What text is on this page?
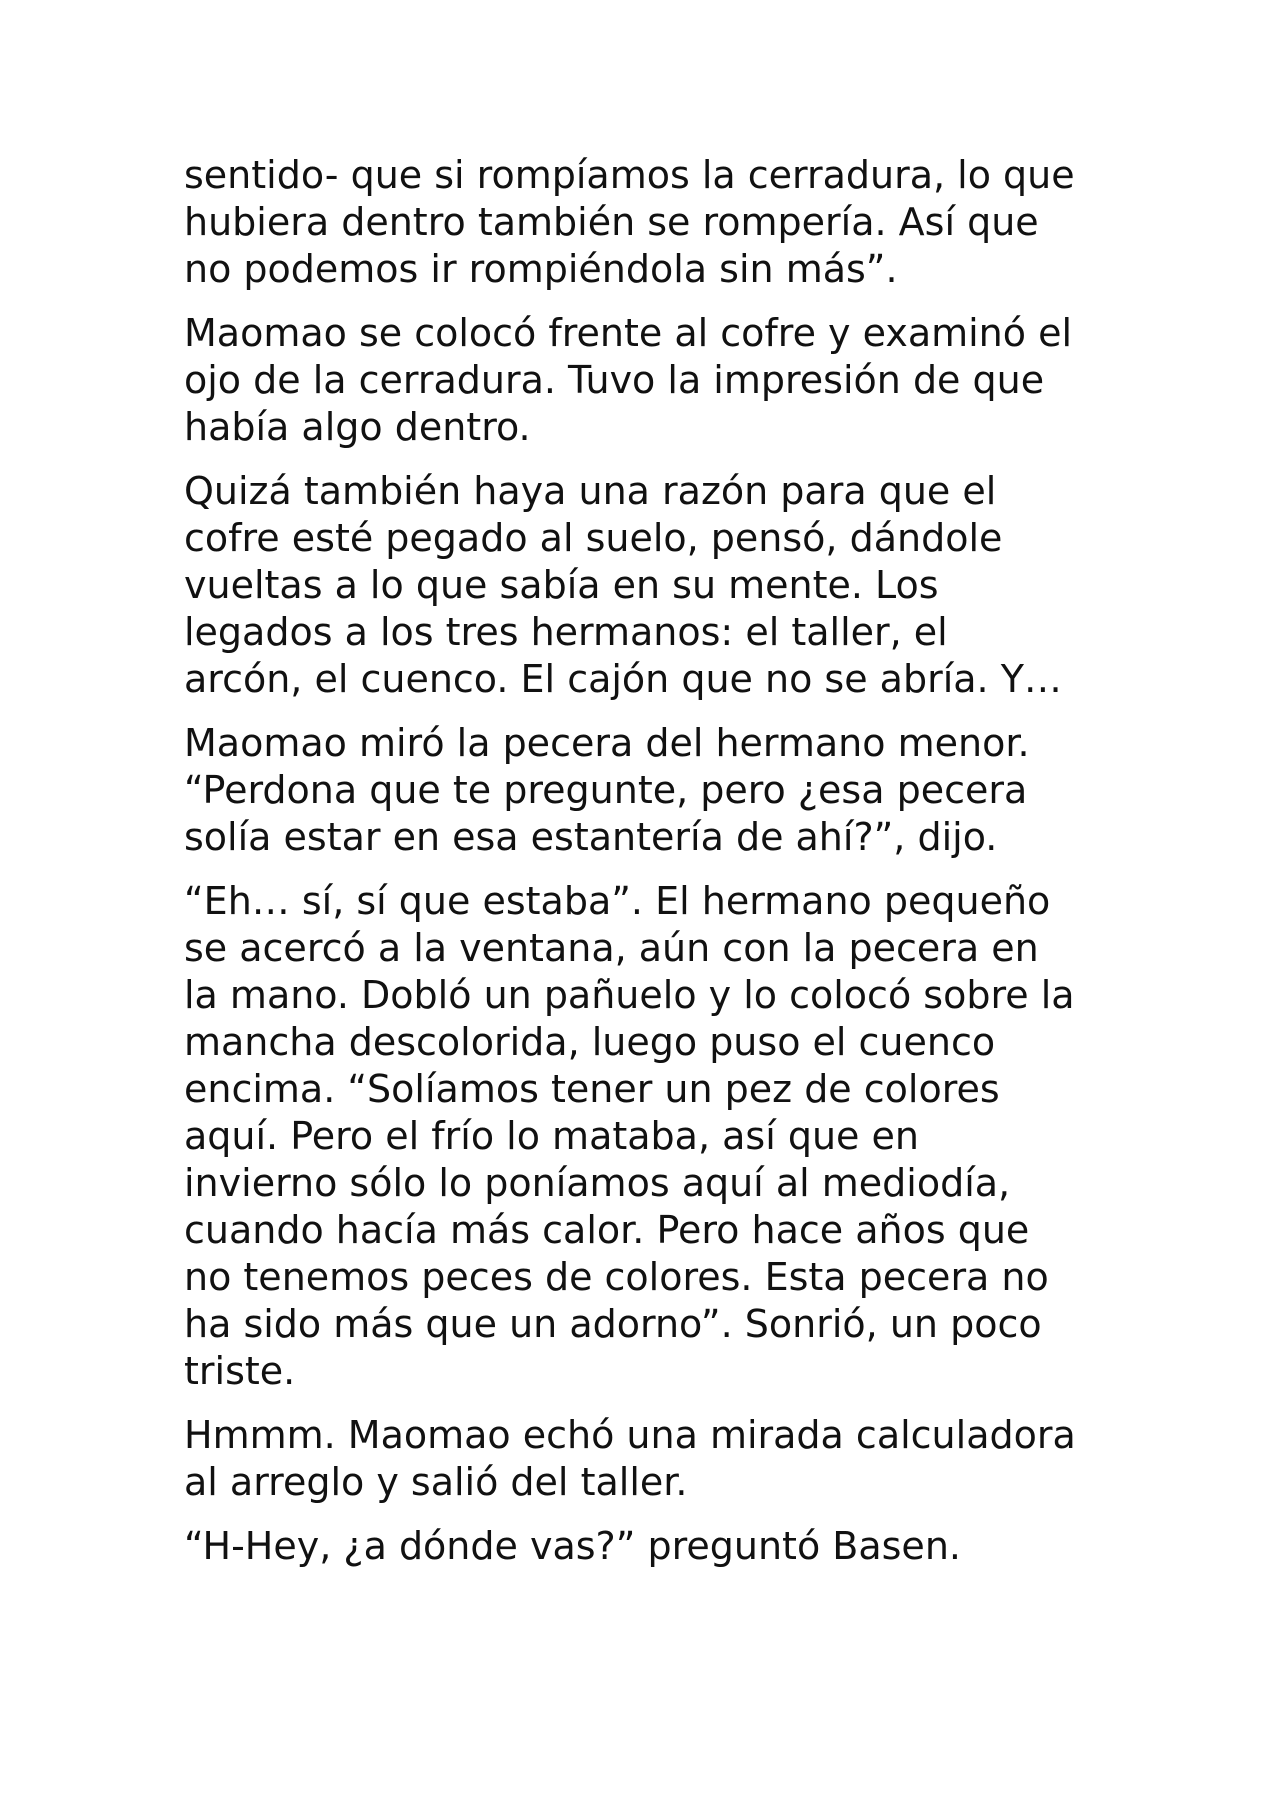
sentido- que si rompíamos la cerradura, lo que
hubiera dentro también se rompería. Así que
no podemos ir rompiéndola sin más”.

Maomao se colocó frente al cofre y examinó el
ojo de la cerradura. Tuvo la impresión de que
había algo dentro.

Quizá también haya una razón para que el
cofre esté pegado al suelo, pensó, dándole
vueltas a lo que sabía en su mente. Los
legados a los tres hermanos: el taller, el
arcón, el cuenco. El cajón que no se abría. Y…

Maomao miró la pecera del hermano menor.
“Perdona que te pregunte, pero ¿esa pecera
solía estar en esa estantería de ahí?”, dijo.

“Eh… sí, sí que estaba”. El hermano pequeño
se acercó a la ventana, aún con la pecera en
la mano. Dobló un pañuelo y lo colocó sobre la
mancha descolorida, luego puso el cuenco
encima. “Solíamos tener un pez de colores
aquí. Pero el frío lo mataba, así que en
invierno sólo lo poníamos aquí al mediodía,
cuando hacía más calor. Pero hace años que
no tenemos peces de colores. Esta pecera no
ha sido más que un adorno”. Sonrió, un poco
triste.

Hmmm. Maomao echó una mirada calculadora
al arreglo y salió del taller.

“H-Hey, ¿a dónde vas?” preguntó Basen.
